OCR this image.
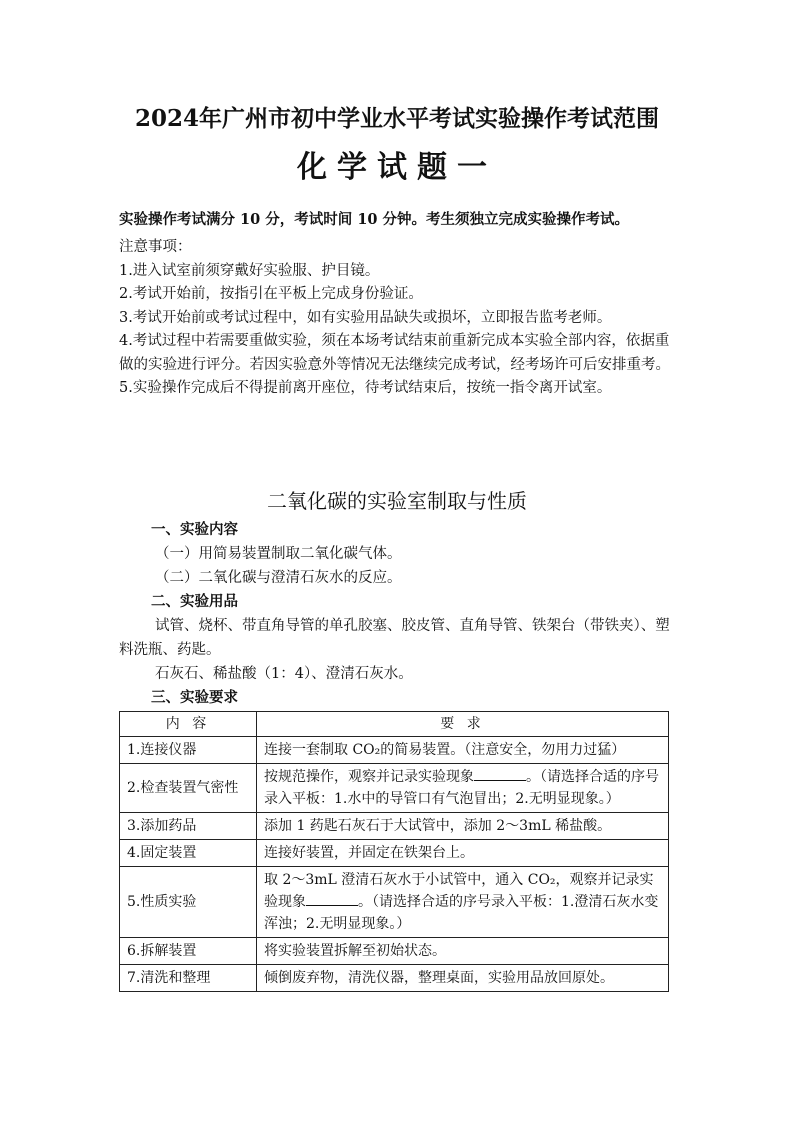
2024年广州市初中学业水平考试实验操作考试范围
化学试题一
实验操作考试满分 10 分，考试时间 10 分钟。考生须独立完成实验操作考试。

注意事项：

1.进入试室前须穿戴好实验服、护目镜。

2.考试开始前，按指引在平板上完成身份验证。

3.考试开始前或考试过程中，如有实验用品缺失或损坏，立即报告监考老师。

4.考试过程中若需要重做实验，须在本场考试结束前重新完成本实验全部内容，依据重做的实验进行评分。若因实验意外等情况无法继续完成考试，经考场许可后安排重考。

5.实验操作完成后不得提前离开座位，待考试结束后，按统一指令离开试室。

二氧化碳的实验室制取与性质

一、实验内容

（一）用简易装置制取二氧化碳气体。

（二）二氧化碳与澄清石灰水的反应。

二、实验用品

试管、烧杯、带直角导管的单孔胶塞、胶皮管、直角导管、铁架台（带铁夹）、塑料洗瓶、药匙。

石灰石、稀盐酸（1：4）、澄清石灰水。

三、实验要求

内 容	要 求
1.连接仪器	连接一套制取 CO₂的简易装置。（注意安全，勿用力过猛）
2.检查装置气密性	按规范操作，观察并记录实验现象 。（请选择合适的序号录入平板：1.水中的导管口有气泡冒出；2.无明显现象。）
3.添加药品	添加 1 药匙石灰石于大试管中，添加 2～3mL 稀盐酸。
4.固定装置	连接好装置，并固定在铁架台上。
5.性质实验	取 2～3mL 澄清石灰水于小试管中，通入 CO₂，观察并记录实验现象 。（请选择合适的序号录入平板：1.澄清石灰水变浑浊；2.无明显现象。）
6.拆解装置	将实验装置拆解至初始状态。
7.清洗和整理	倾倒废弃物，清洗仪器，整理桌面，实验用品放回原处。
